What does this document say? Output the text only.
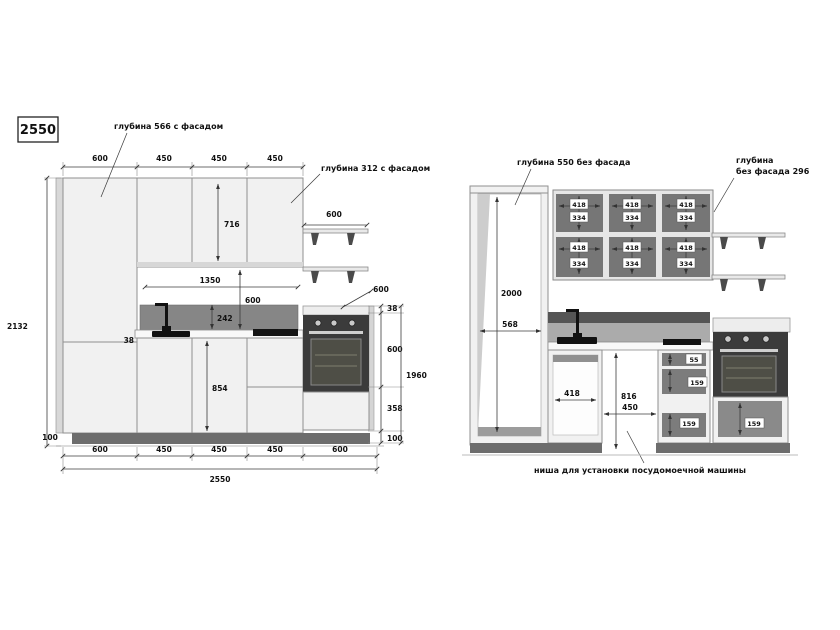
2550	глубина 566 с фасадом
глубина 312 с фасадом
600	450	450	450
2132
716
600
600
1350
600
242
38
854
100
38
600
358
100
1960
600	450	450	450	600
2550
2000
568
418
334
418
334
418
334
418
334
418
334
418
334
глубина 550 без фасада	глубина
без фасада 296
418	816
450
ниша для установки посудомоечной машины
55
159
159	159
